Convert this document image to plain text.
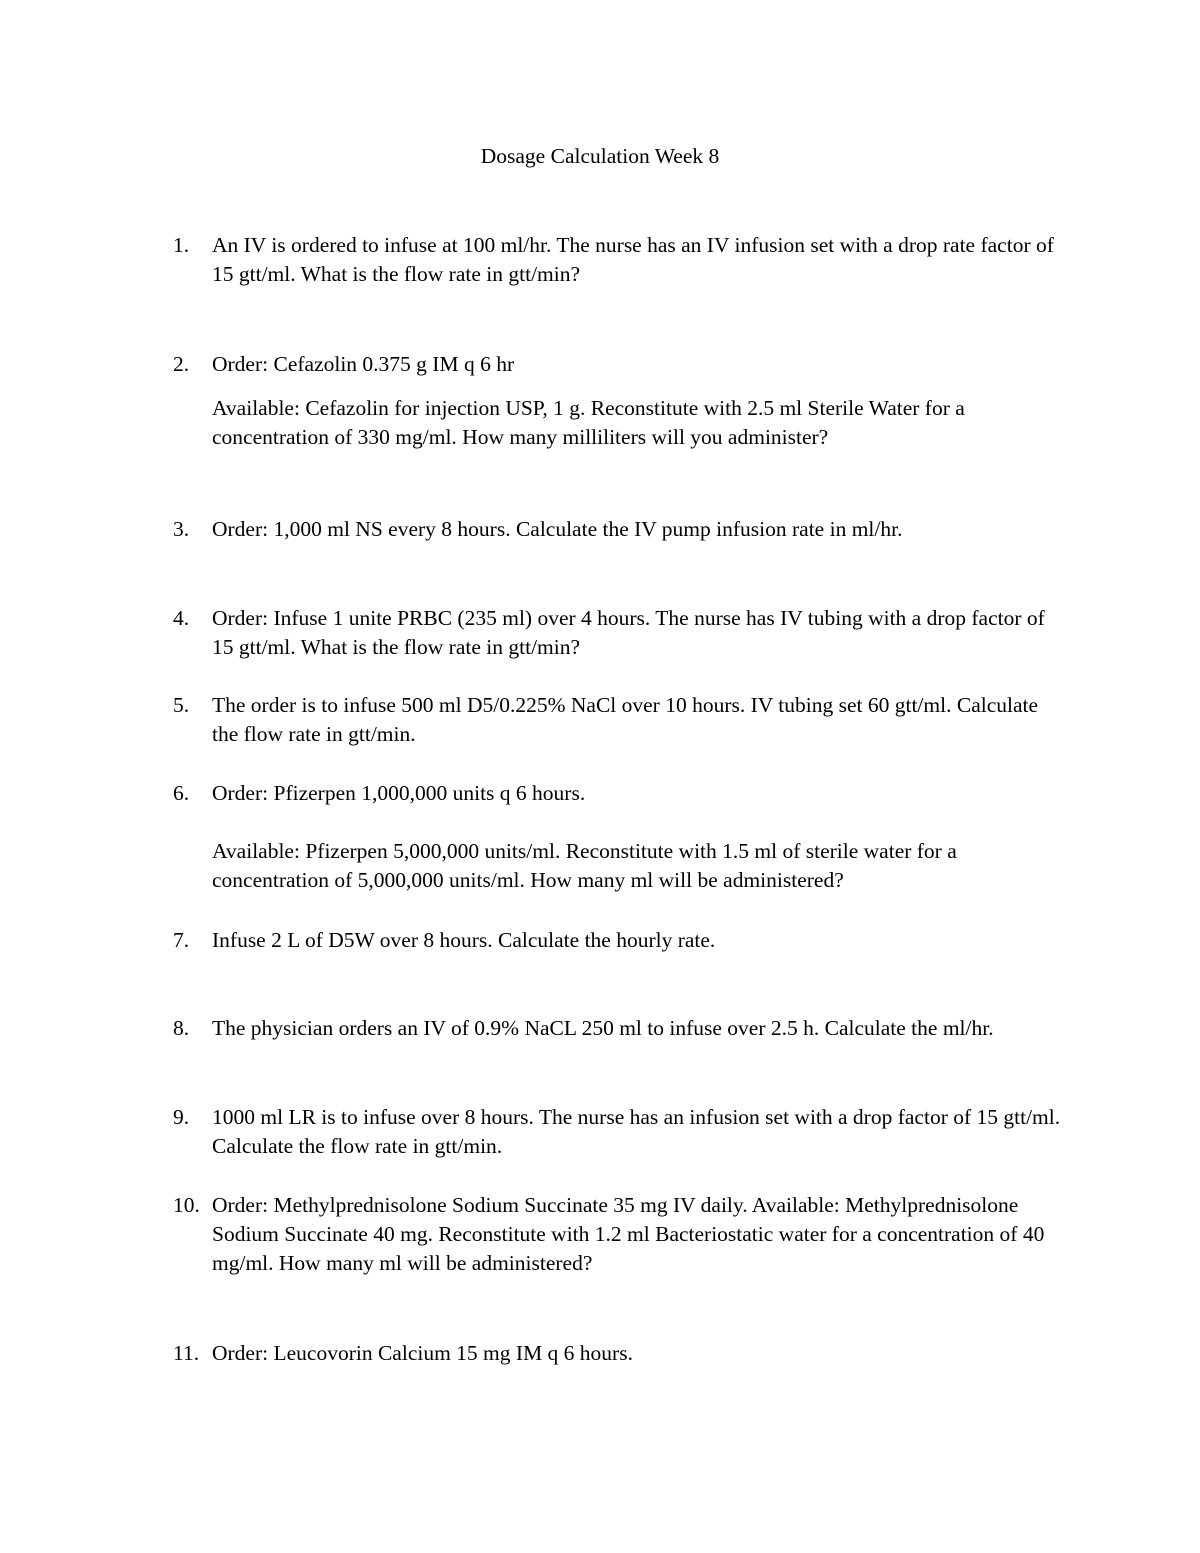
Dosage Calculation Week 8
1.	An IV is ordered to infuse at 100 ml/hr. The nurse has an IV infusion set with a drop rate factor of 15 gtt/ml. What is the flow rate in gtt/min?

2.	Order: Cefazolin 0.375 g IM q 6 hr

Available: Cefazolin for injection USP, 1 g. Reconstitute with 2.5 ml Sterile Water for a concentration of 330 mg/ml. How many milliliters will you administer?

3.	Order: 1,000 ml NS every 8 hours. Calculate the IV pump infusion rate in ml/hr.

4.	Order: Infuse 1 unite PRBC (235 ml) over 4 hours. The nurse has IV tubing with a drop factor of 15 gtt/ml. What is the flow rate in gtt/min?

5.	The order is to infuse 500 ml D5/0.225% NaCl over 10 hours. IV tubing set 60 gtt/ml. Calculate the flow rate in gtt/min.

6.	Order: Pfizerpen 1,000,000 units q 6 hours.

Available: Pfizerpen 5,000,000 units/ml. Reconstitute with 1.5 ml of sterile water for a concentration of 5,000,000 units/ml. How many ml will be administered?

7.	Infuse 2 L of D5W over 8 hours. Calculate the hourly rate.

8.	The physician orders an IV of 0.9% NaCL 250 ml to infuse over 2.5 h. Calculate the ml/hr.

9.	1000 ml LR is to infuse over 8 hours. The nurse has an infusion set with a drop factor of 15 gtt/ml. Calculate the flow rate in gtt/min.

10. Order: Methylprednisolone Sodium Succinate 35 mg IV daily. Available: Methylprednisolone Sodium Succinate 40 mg. Reconstitute with 1.2 ml Bacteriostatic water for a concentration of 40 mg/ml. How many ml will be administered?

11. Order: Leucovorin Calcium 15 mg IM q 6 hours.
